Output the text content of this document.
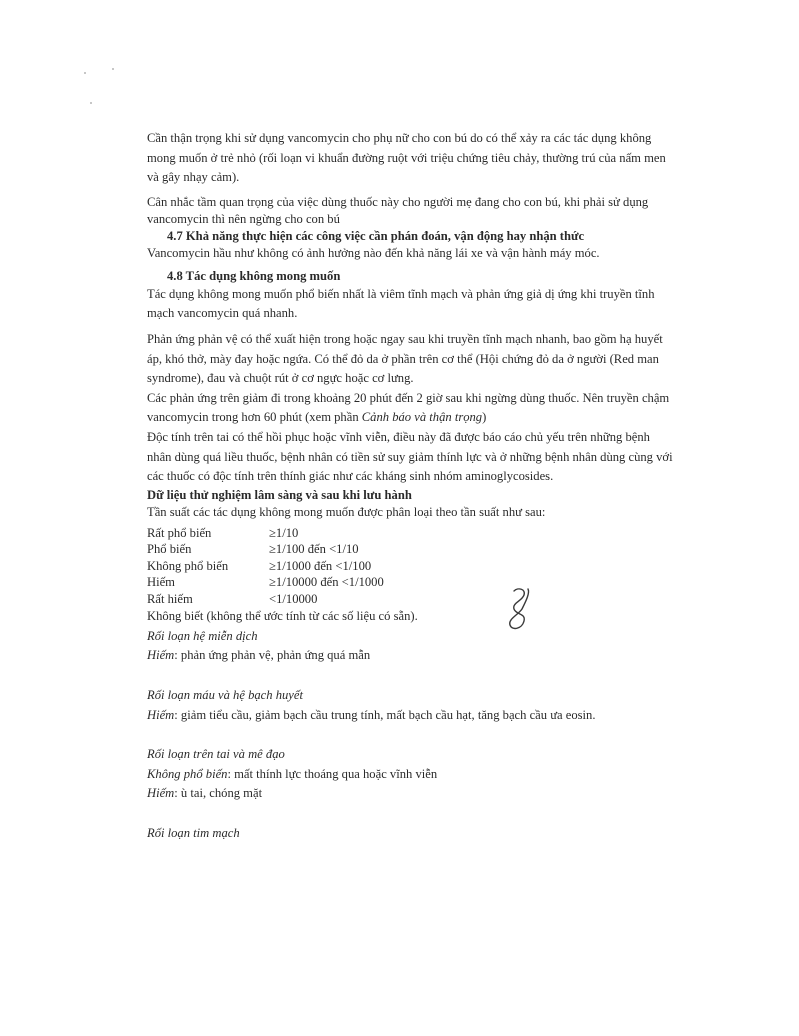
Cần thận trọng khi sử dụng vancomycin cho phụ nữ cho con bú do có thể xảy ra các tác dụng không mong muốn ở trẻ nhỏ (rối loạn vi khuẩn đường ruột với triệu chứng tiêu chảy, thường trú của nấm men và gây nhạy cảm).

Cân nhắc tầm quan trọng của việc dùng thuốc này cho người mẹ đang cho con bú, khi phải sử dụng vancomycin thì nên ngừng cho con bú

4.7 Khả năng thực hiện các công việc cần phán đoán, vận động hay nhận thức

Vancomycin hầu như không có ảnh hưởng nào đến khả năng lái xe và vận hành máy móc.

4.8 Tác dụng không mong muốn

Tác dụng không mong muốn phổ biến nhất là viêm tĩnh mạch và phản ứng giả dị ứng khi truyền tĩnh mạch vancomycin quá nhanh.

Phản ứng phản vệ có thể xuất hiện trong hoặc ngay sau khi truyền tĩnh mạch nhanh, bao gồm hạ huyết áp, khó thở, mày đay hoặc ngứa. Có thể đỏ da ở phần trên cơ thể (Hội chứng đỏ da ở người (Red man syndrome), đau và chuột rút ở cơ ngực hoặc cơ lưng.

Các phản ứng trên giảm đi trong khoảng 20 phút đến 2 giờ sau khi ngừng dùng thuốc. Nên truyền chậm vancomycin trong hơn 60 phút (xem phần Cảnh báo và thận trọng)

Độc tính trên tai có thể hồi phục hoặc vĩnh viễn, điều này đã được báo cáo chủ yếu trên những bệnh nhân dùng quá liều thuốc, bệnh nhân có tiền sử suy giảm thính lực và ở những bệnh nhân dùng cùng với các thuốc có độc tính trên thính giác như các kháng sinh nhóm aminoglycosides.

Dữ liệu thử nghiệm lâm sàng và sau khi lưu hành

Tần suất các tác dụng không mong muốn được phân loại theo tần suất như sau:

Rất phổ biến	≥1/10
Phổ biến	≥1/100 đến <1/10
Không phổ biến	≥1/1000 đến <1/100
Hiếm	≥1/10000 đến <1/1000
Rất hiếm	<1/10000

Không biết (không thể ước tính từ các số liệu có sẵn).

Rối loạn hệ miễn dịch

Hiếm: phản ứng phản vệ, phản ứng quá mẫn

Rối loạn máu và hệ bạch huyết

Hiếm: giảm tiểu cầu, giảm bạch cầu trung tính, mất bạch cầu hạt, tăng bạch cầu ưa eosin.

Rối loạn trên tai và mê đạo

Không phổ biến: mất thính lực thoáng qua hoặc vĩnh viễn

Hiếm: ù tai, chóng mặt

Rối loạn tim mạch
